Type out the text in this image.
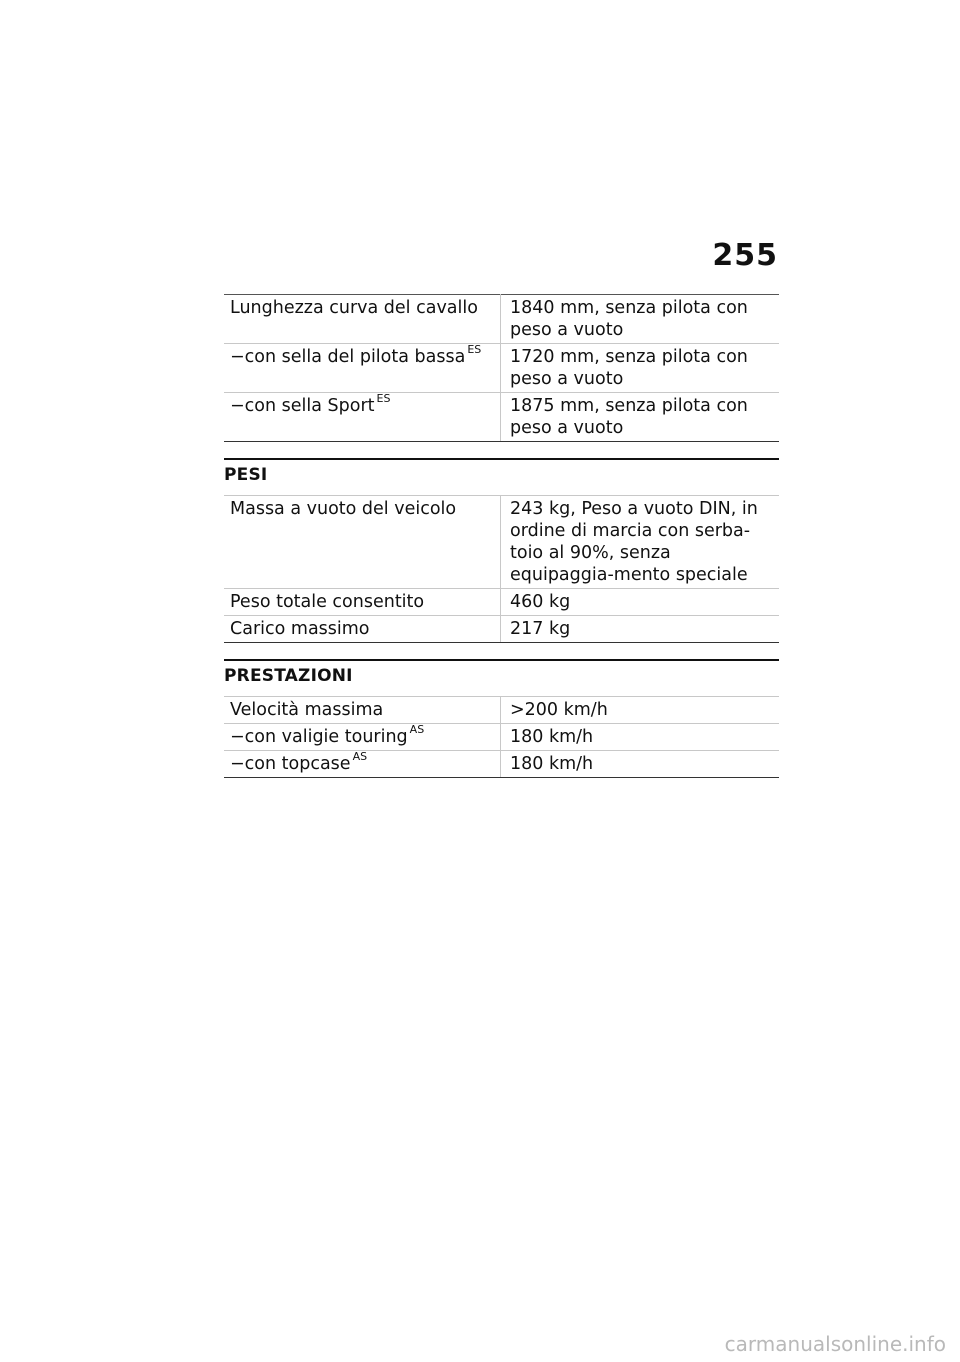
255
Lunghezza curva del cavallo	1840 mm, senza pilota con peso a vuoto
−con sella del pilota bassa $^{ES}$	1720 mm, senza pilota con peso a vuoto
−con sella Sport $^{ES}$	1875 mm, senza pilota con peso a vuoto
PESI
Massa a vuoto del veicolo	243 kg, Peso a vuoto DIN, in ordine di marcia con serba-toio al 90%, senza equipaggia-mento speciale
Peso totale consentito	460 kg
Carico massimo	217 kg
PRESTAZIONI
Velocità massima	>200 km/h
−con valigie touring $^{AS}$	180 km/h
−con topcase $^{AS}$	180 km/h
carmanualsonline.info
